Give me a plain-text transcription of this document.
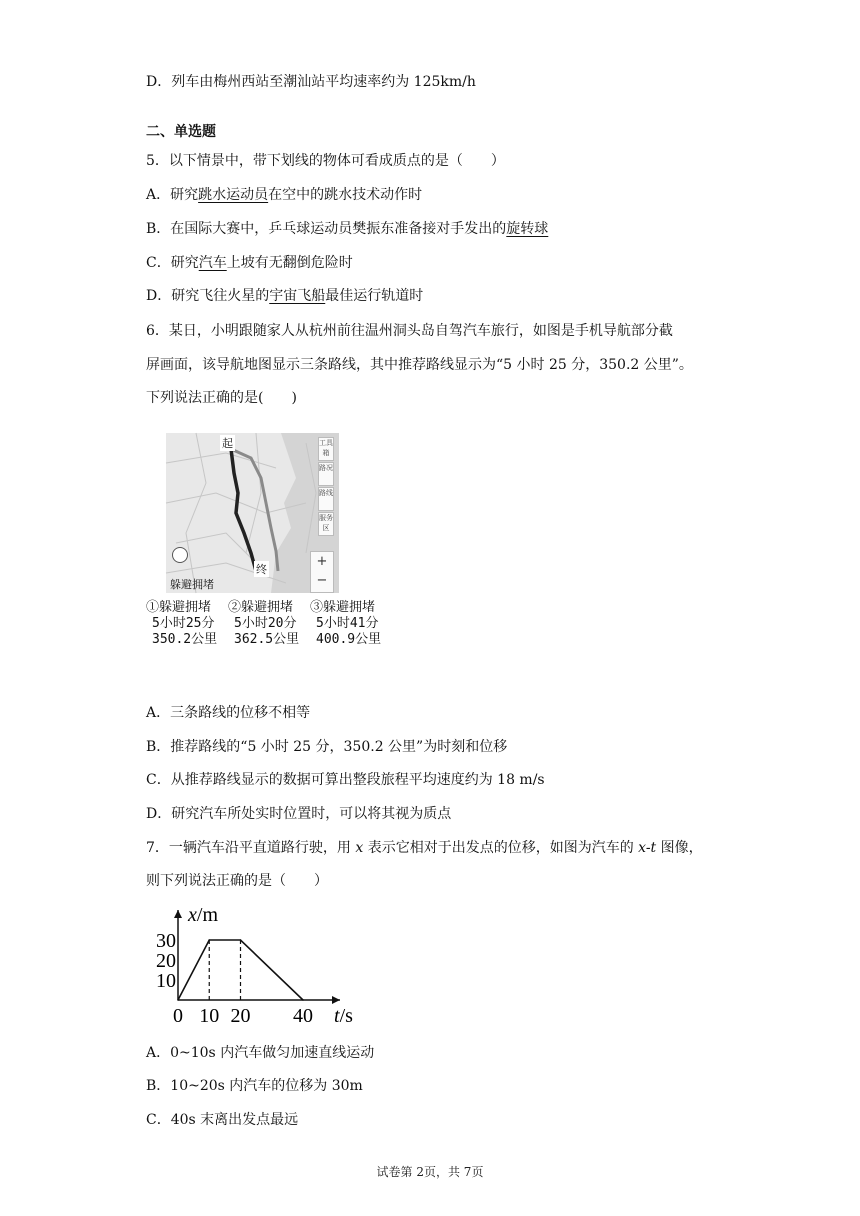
D．列车由梅州西站至潮汕站平均速率约为 125km/h
二、单选题
5．以下情景中，带下划线的物体可看成质点的是（　　）
A．研究跳水运动员在空中的跳水技术动作时
B．在国际大赛中，乒乓球运动员樊振东准备接对手发出的旋转球
C．研究汽车上坡有无翻倒危险时
D．研究飞往火星的宇宙飞船最佳运行轨道时
6．某日，小明跟随家人从杭州前往温州洞头岛自驾汽车旅行，如图是手机导航部分截
屏画面，该导航地图显示三条路线，其中推荐路线显示为“5 小时 25 分，350.2 公里”。
下列说法正确的是(　　)
起
终
工具箱
路况
路线
服务区
+
−
躲避拥堵
①躲避拥堵
5小时25分
350.2公里
②躲避拥堵
5小时20分
362.5公里
③躲避拥堵
5小时41分
400.9公里
A．三条路线的位移不相等
B．推荐路线的“5 小时 25 分，350.2 公里”为时刻和位移
C．从推荐路线显示的数据可算出整段旅程平均速度约为 18 m/s
D．研究汽车所处实时位置时，可以将其视为质点
7．一辆汽车沿平直道路行驶，用 x 表示它相对于出发点的位移，如图为汽车的 x-t 图像，
则下列说法正确的是（　　）
t/s
x/m
0 10 20 40
10
20
30
A．0~10s 内汽车做匀加速直线运动
B．10~20s 内汽车的位移为 30m
C．40s 末离出发点最远
试卷第 2页，共 7页
